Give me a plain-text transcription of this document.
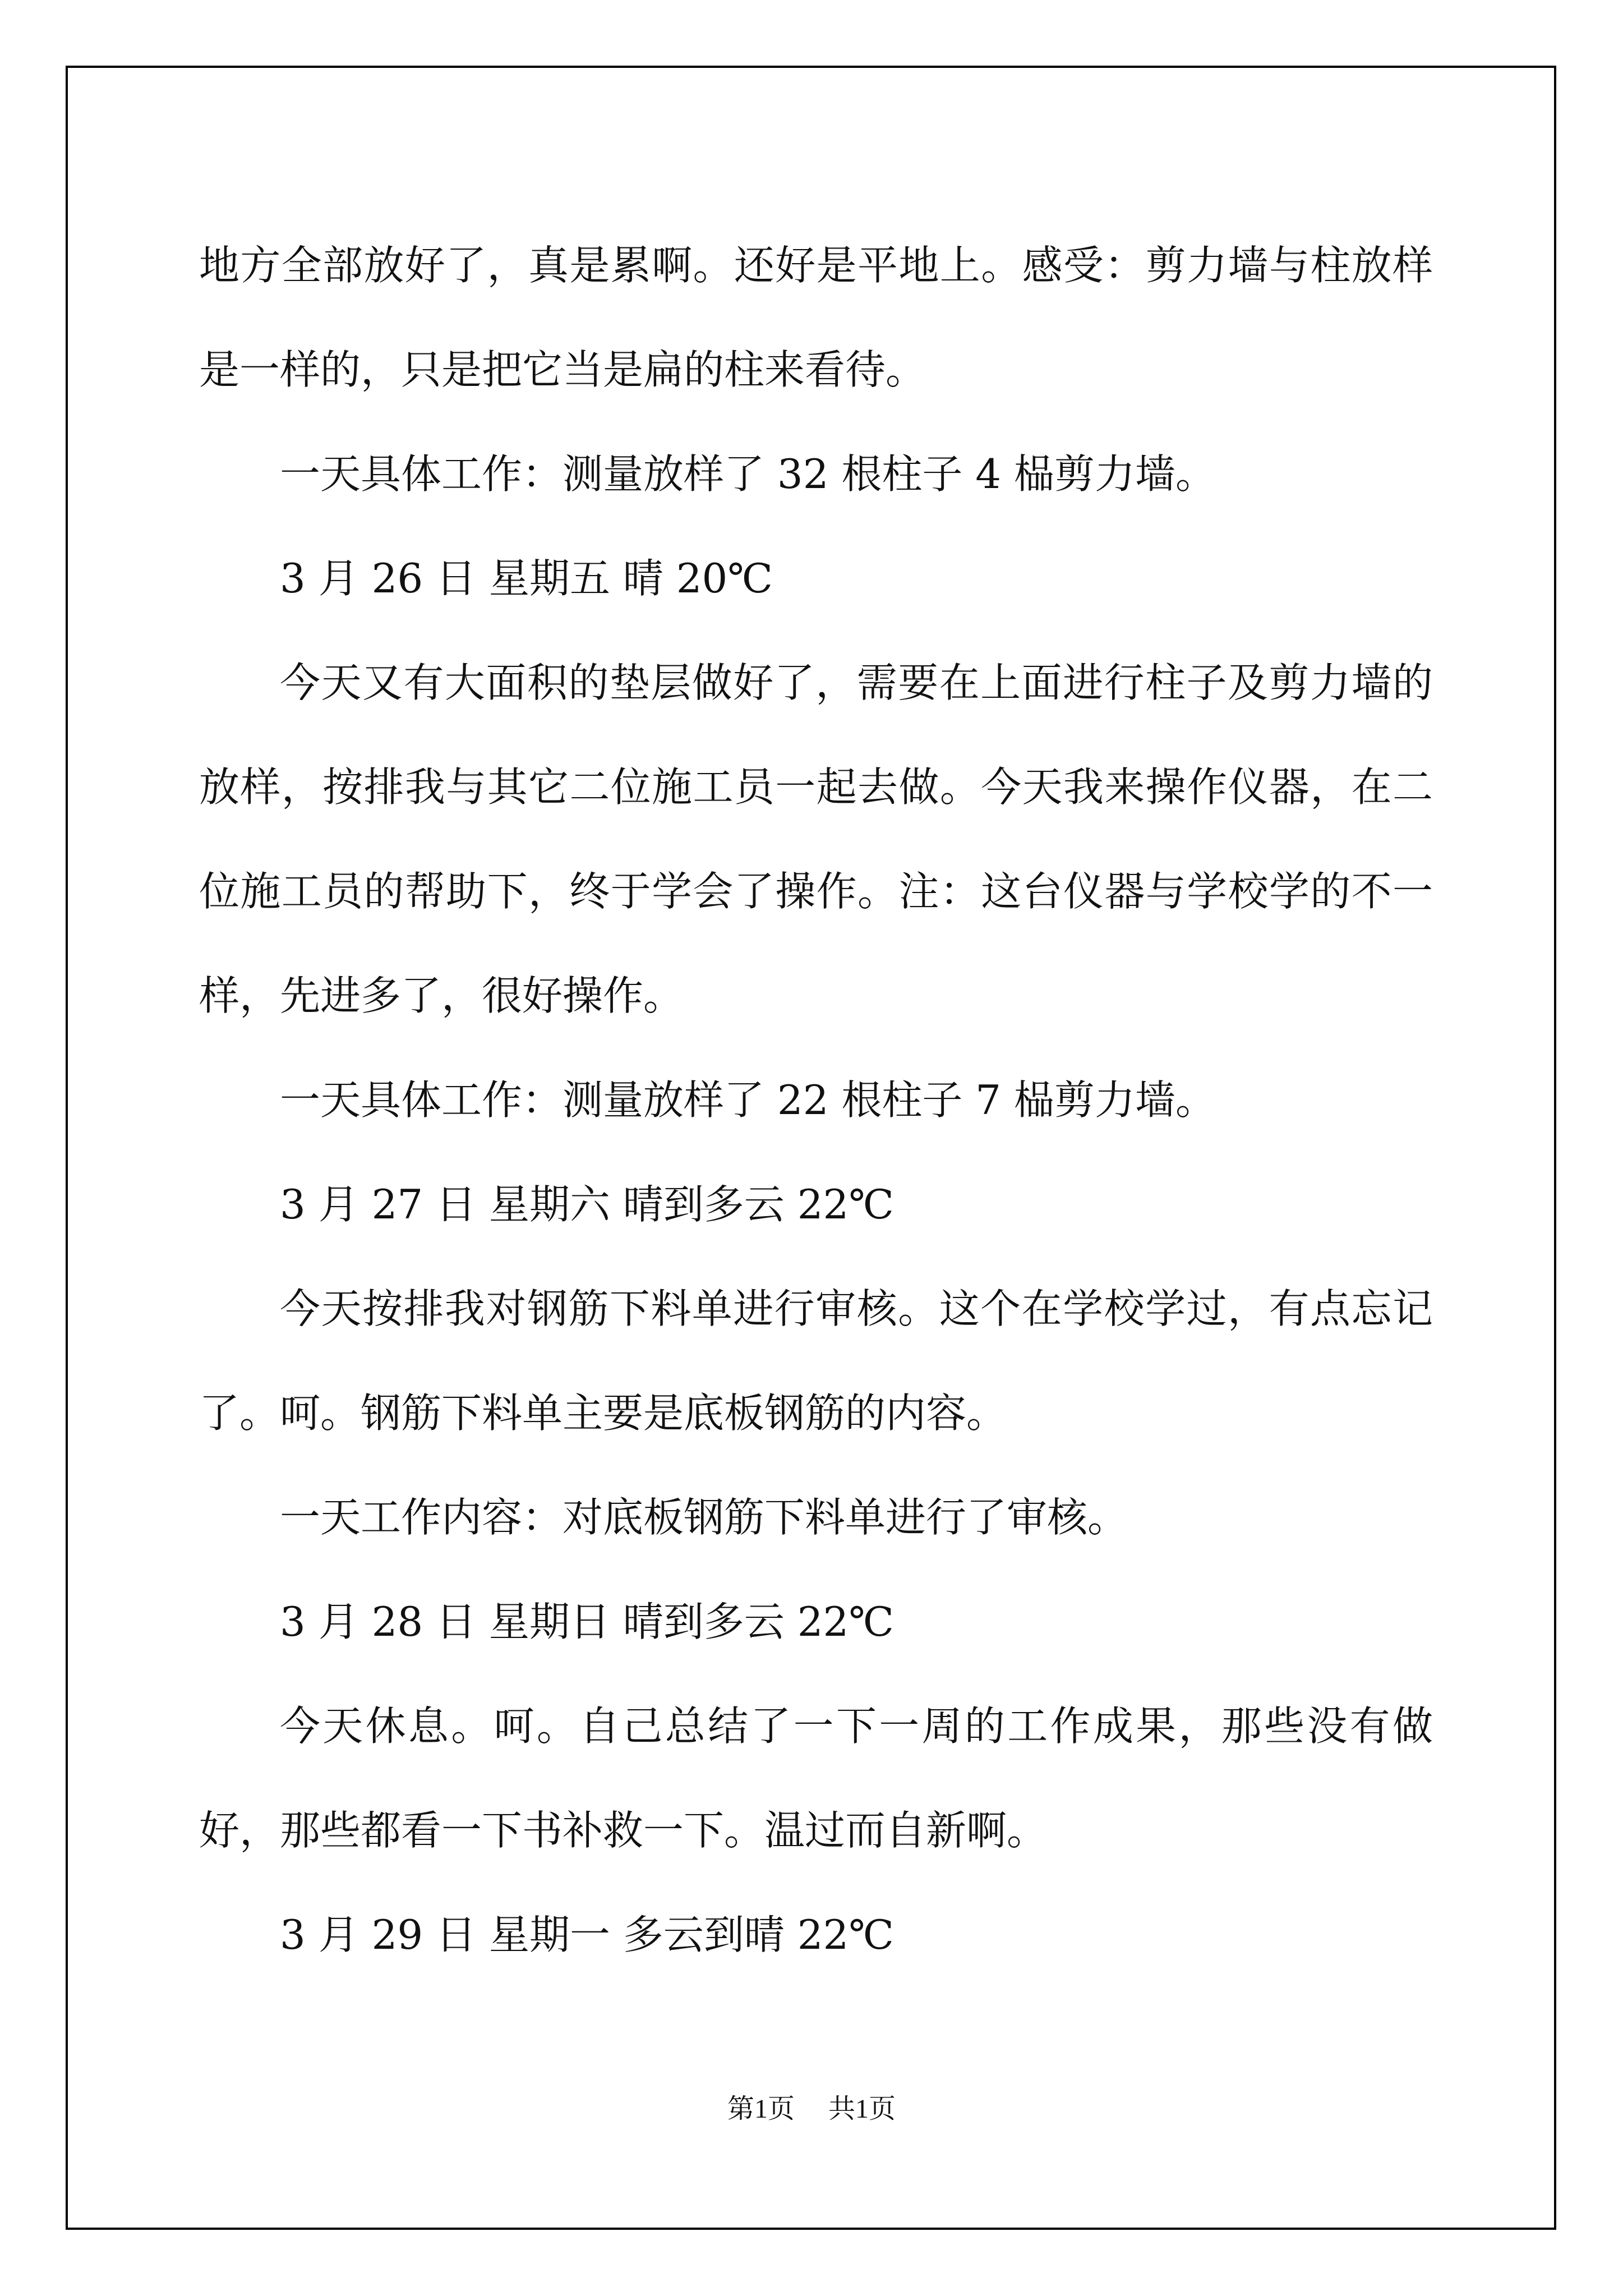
地方全部放好了，真是累啊。还好是平地上。感受：剪力墙与柱放样是一样的，只是把它当是扁的柱来看待。

一天具体工作：测量放样了 32 根柱子 4 榀剪力墙。

3 月 26 日 星期五 晴 20℃

今天又有大面积的垫层做好了，需要在上面进行柱子及剪力墙的放样，按排我与其它二位施工员一起去做。今天我来操作仪器，在二位施工员的帮助下，终于学会了操作。注：这台仪器与学校学的不一样，先进多了，很好操作。

一天具体工作：测量放样了 22 根柱子 7 榀剪力墙。

3 月 27 日 星期六 晴到多云 22℃

今天按排我对钢筋下料单进行审核。这个在学校学过，有点忘记了。呵。钢筋下料单主要是底板钢筋的内容。

一天工作内容：对底板钢筋下料单进行了审核。

3 月 28 日 星期日 晴到多云 22℃

今天休息。呵。自己总结了一下一周的工作成果，那些没有做好，那些都看一下书补救一下。温过而自新啊。

3 月 29 日 星期一 多云到晴 22℃

第1页 共1页
